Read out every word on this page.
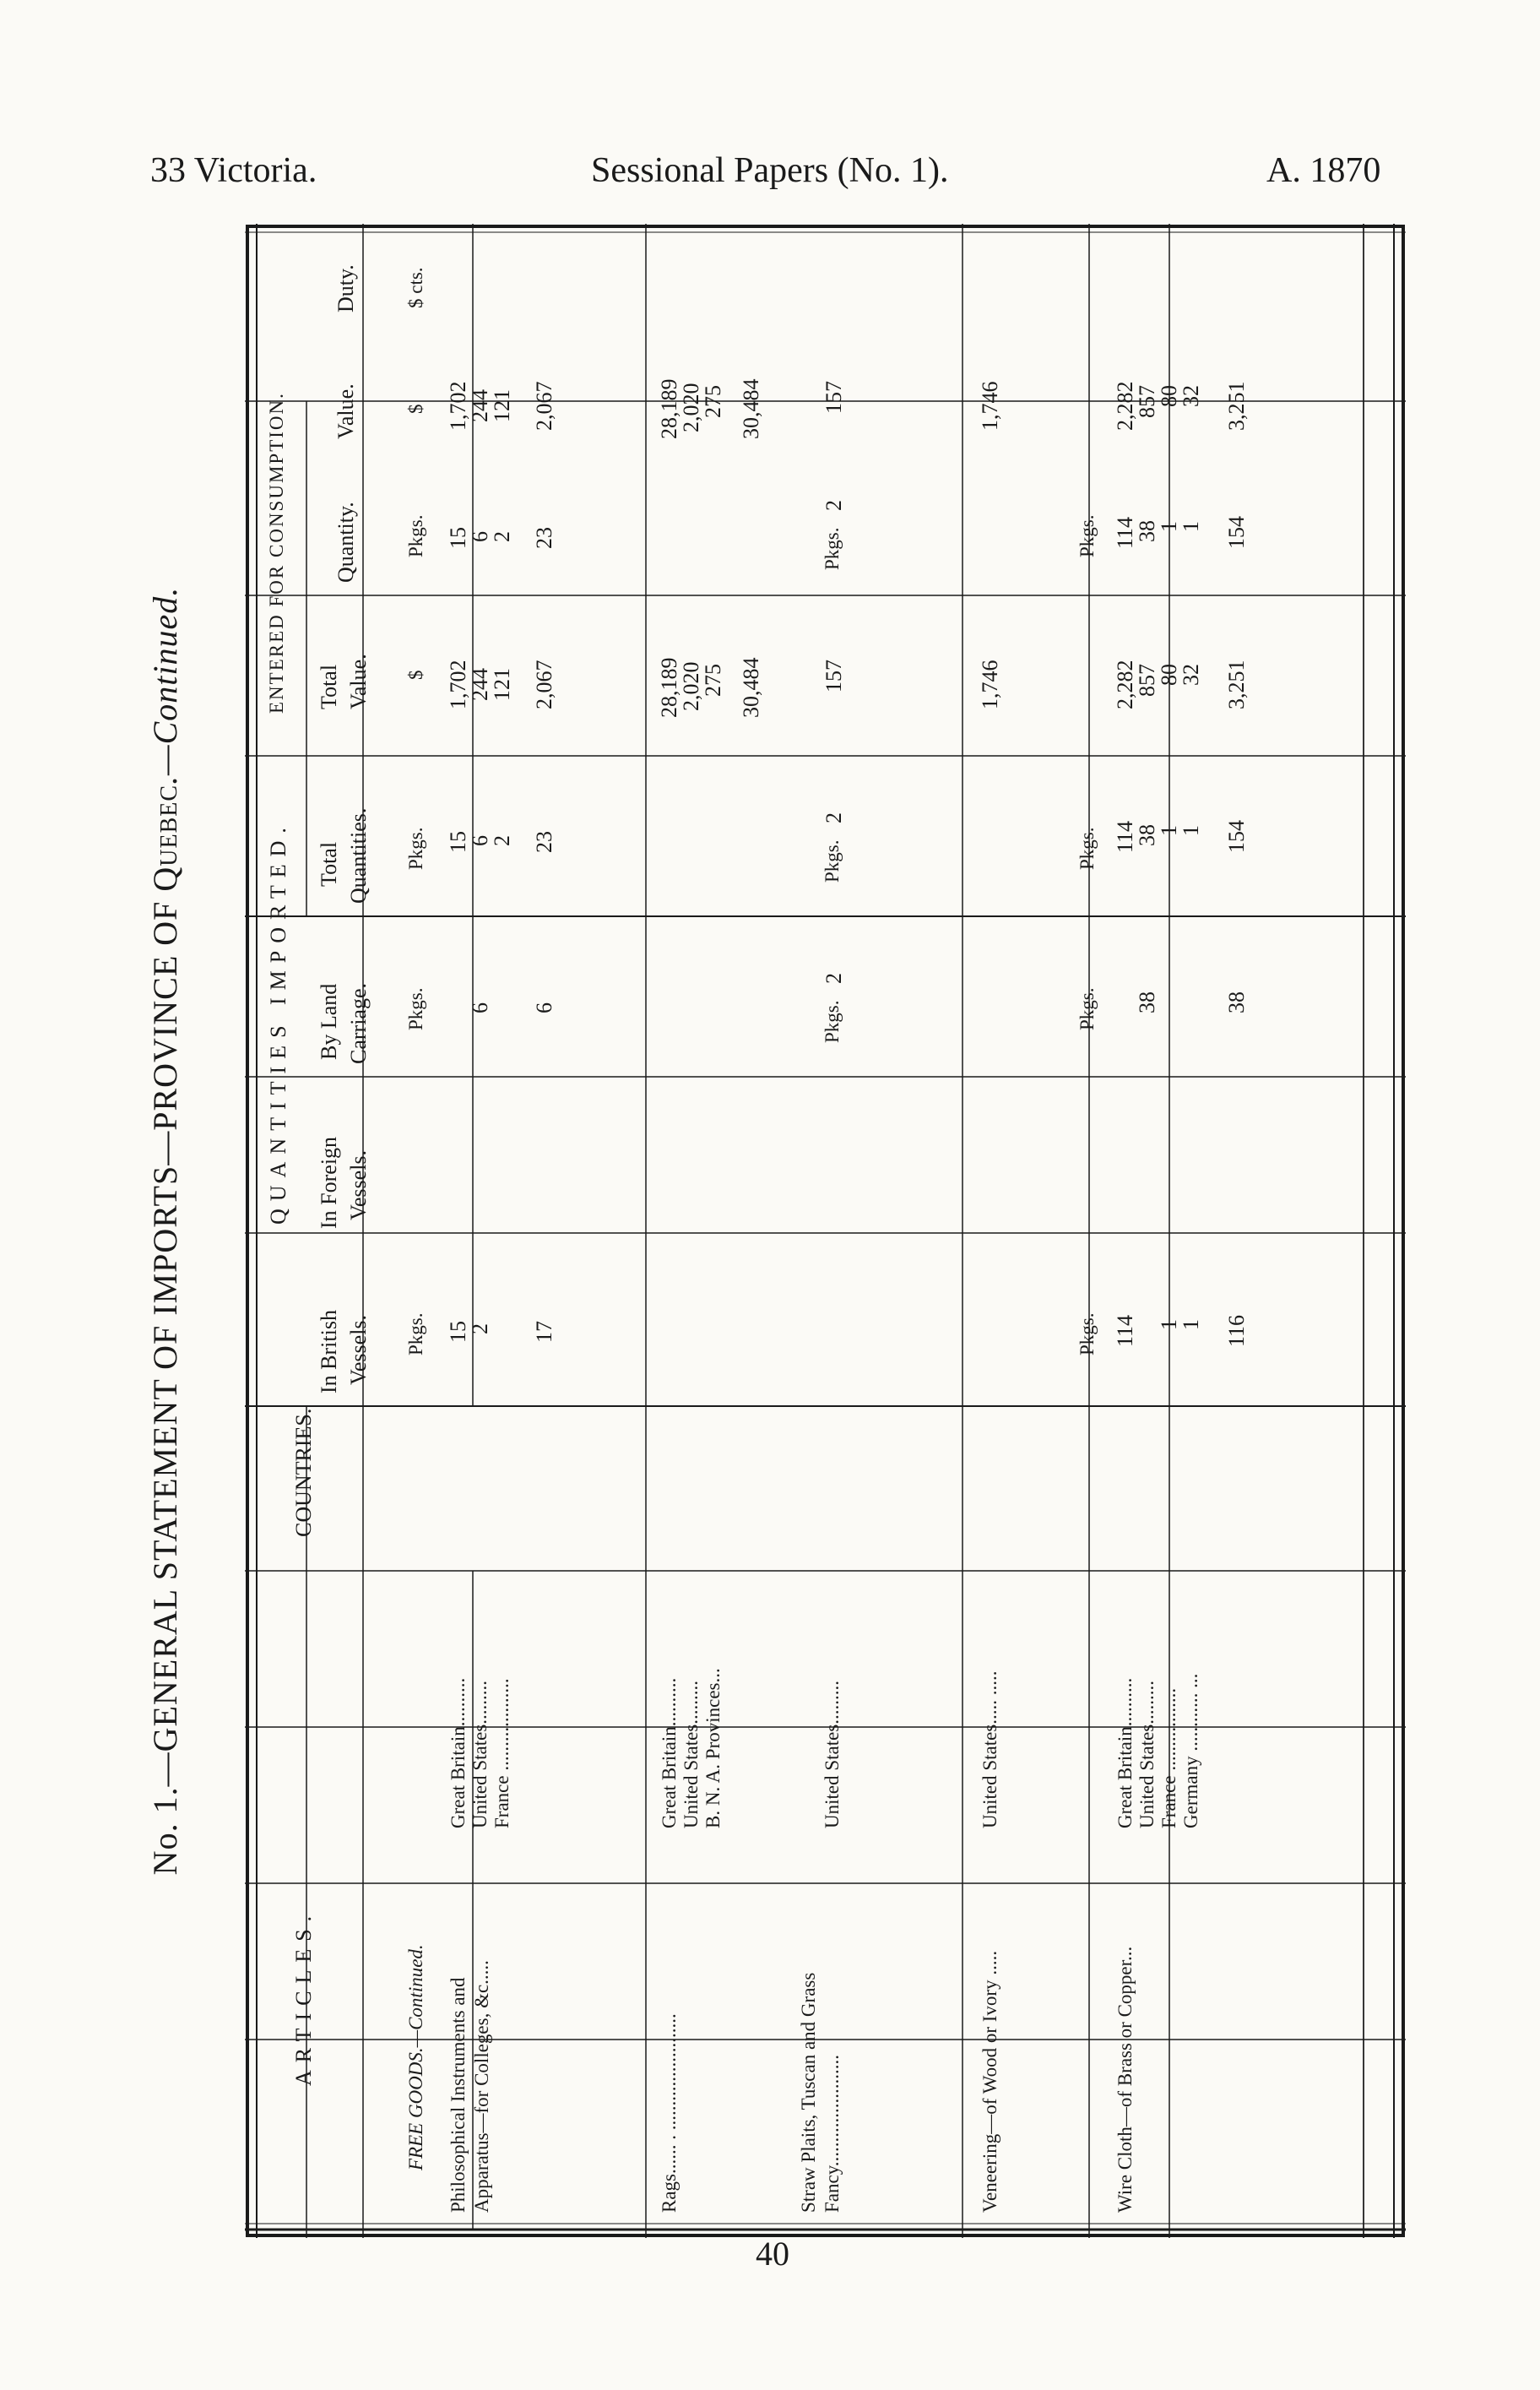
33 Victoria.	Sessional Papers (No. 1).	A. 1870
No. 1.—GENERAL STATEMENT OF IMPORTS—PROVINCE OF Quebec.—Continued.
ARTICLES.
COUNTRIES.
QUANTITIES IMPORTED.
ENTERED FOR CONSUMPTION.
In British Vessels.
In Foreign Vessels.
By Land Carriage.
Total Quantities.
Total Value.
Quantity.
Value.
Duty.
Pkgs.
Pkgs.
Pkgs.
$
Pkgs.
$
$ cts.
FREE GOODS.—Continued. Philosophical Instruments and Apparatus—for Colleges, &c.....
Great Britain.......... United States......... France ...................
15
2
6
15
6
2
1,702
244
121
15
6
2
1,702
244
121
17
6
23
2,067
23
2,067
Rags...... . ........................
Great Britain.......... United States......... B. N. A. Provinces...
28,189
2,020
275
28,189
2,020
275
30,484
30,484
Straw Plaits, Tuscan and Grass Fancy.......................
United States.........
Pkgs.
2
Pkgs.
2
157
Pkgs.
2
157
Veneering—of Wood or Ivory .....
United States..... .....
1,746
1,746
Wire Cloth—of Brass or Copper...
Pkgs.
Pkgs.
Pkgs.
Pkgs.
Great Britain.......... United States......... France ................. Germany ............ ...
114 1
1
38
114
38
1
1
2,282
857
80
32
114
38
1
1
2,282
857
80
32
116
38
154
3,251
154
3,251
40
